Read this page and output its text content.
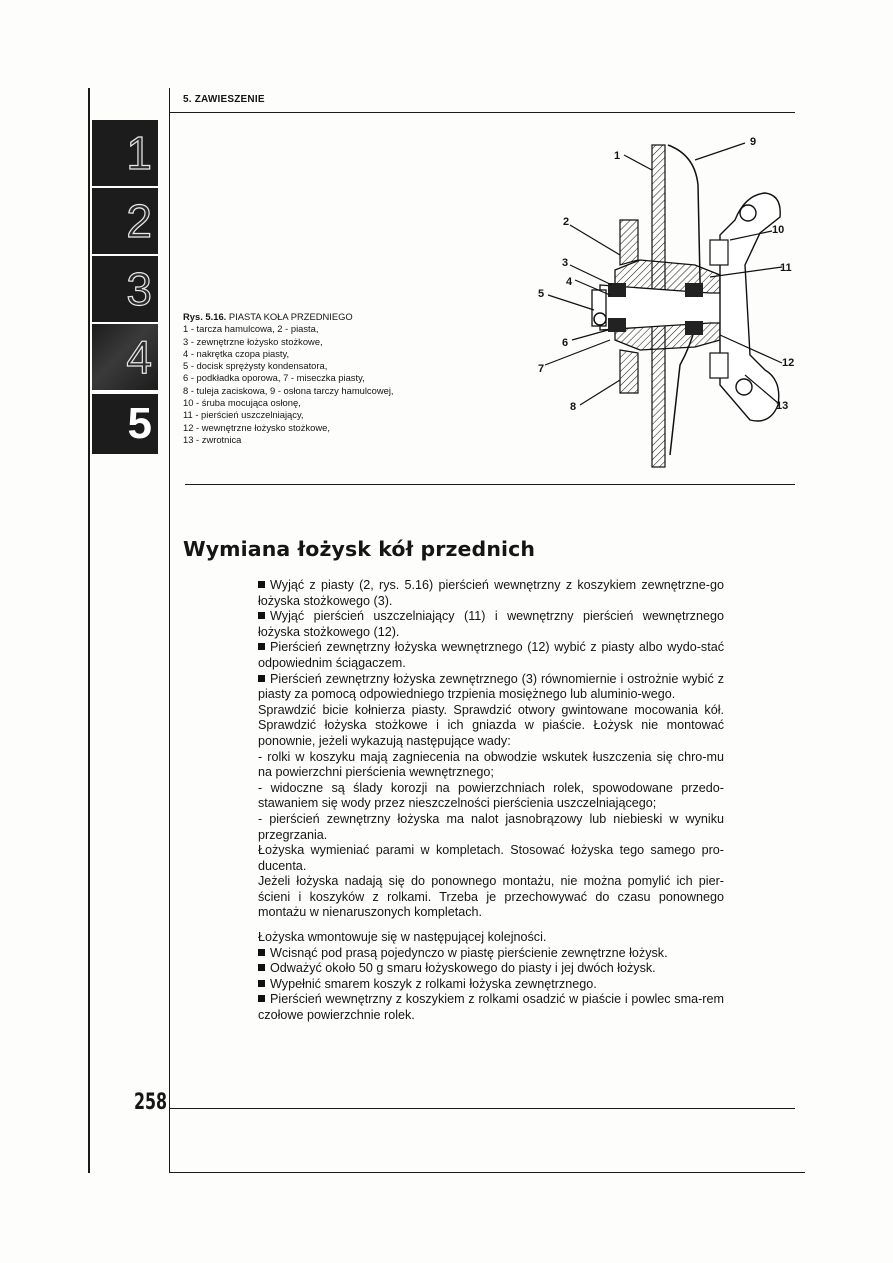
5. ZAWIESZENIE
1
2
3
4
5
Rys. 5.16. PIASTA KOŁA PRZEDNIEGO
1 - tarcza hamulcowa, 2 - piasta,
3 - zewnętrzne łożysko stożkowe,
4 - nakrętka czopa piasty,
5 - docisk sprężysty kondensatora,
6 - podkładka oporowa, 7 - miseczka piasty,
8 - tuleja zaciskowa, 9 - osłona tarczy hamulcowej,
10 - śruba mocująca osłonę,
11 - pierścień uszczelniający,
12 - wewnętrzne łożysko stożkowe,
13 - zwrotnica
1
2
3
4
5
6
7
8
9
10
11
12
13
Wymiana łożysk kół przednich

Wyjąć z piasty (2, rys. 5.16) pierścień wewnętrzny z koszykiem zewnętrzne-go łożyska stożkowego (3).

Wyjąć pierścień uszczelniający (11) i wewnętrzny pierścień wewnętrznego łożyska stożkowego (12).

Pierścień zewnętrzny łożyska wewnętrznego (12) wybić z piasty albo wydo-stać odpowiednim ściągaczem.

Pierścień zewnętrzny łożyska zewnętrznego (3) równomiernie i ostrożnie wybić z piasty za pomocą odpowiedniego trzpienia mosiężnego lub aluminio-wego.

Sprawdzić bicie kołnierza piasty. Sprawdzić otwory gwintowane mocowania kół. Sprawdzić łożyska stożkowe i ich gniazda w piaście. Łożysk nie montować ponownie, jeżeli wykazują następujące wady:

- rolki w koszyku mają zagniecenia na obwodzie wskutek łuszczenia się chro-mu na powierzchni pierścienia wewnętrznego;

- widoczne są ślady korozji na powierzchniach rolek, spowodowane przedo-stawaniem się wody przez nieszczelności pierścienia uszczelniającego;

- pierścień zewnętrzny łożyska ma nalot jasnobrązowy lub niebieski w wyniku przegrzania.

Łożyska wymieniać parami w kompletach. Stosować łożyska tego samego pro-ducenta.

Jeżeli łożyska nadają się do ponownego montażu, nie można pomylić ich pier-ścieni i koszyków z rolkami. Trzeba je przechowywać do czasu ponownego montażu w nienaruszonych kompletach.

Łożyska wmontowuje się w następującej kolejności.

Wcisnąć pod prasą pojedynczo w piastę pierścienie zewnętrzne łożysk.

Odważyć około 50 g smaru łożyskowego do piasty i jej dwóch łożysk.

Wypełnić smarem koszyk z rolkami łożyska zewnętrznego.

Pierścień wewnętrzny z koszykiem z rolkami osadzić w piaście i powlec sma-rem czołowe powierzchnie rolek.

258
